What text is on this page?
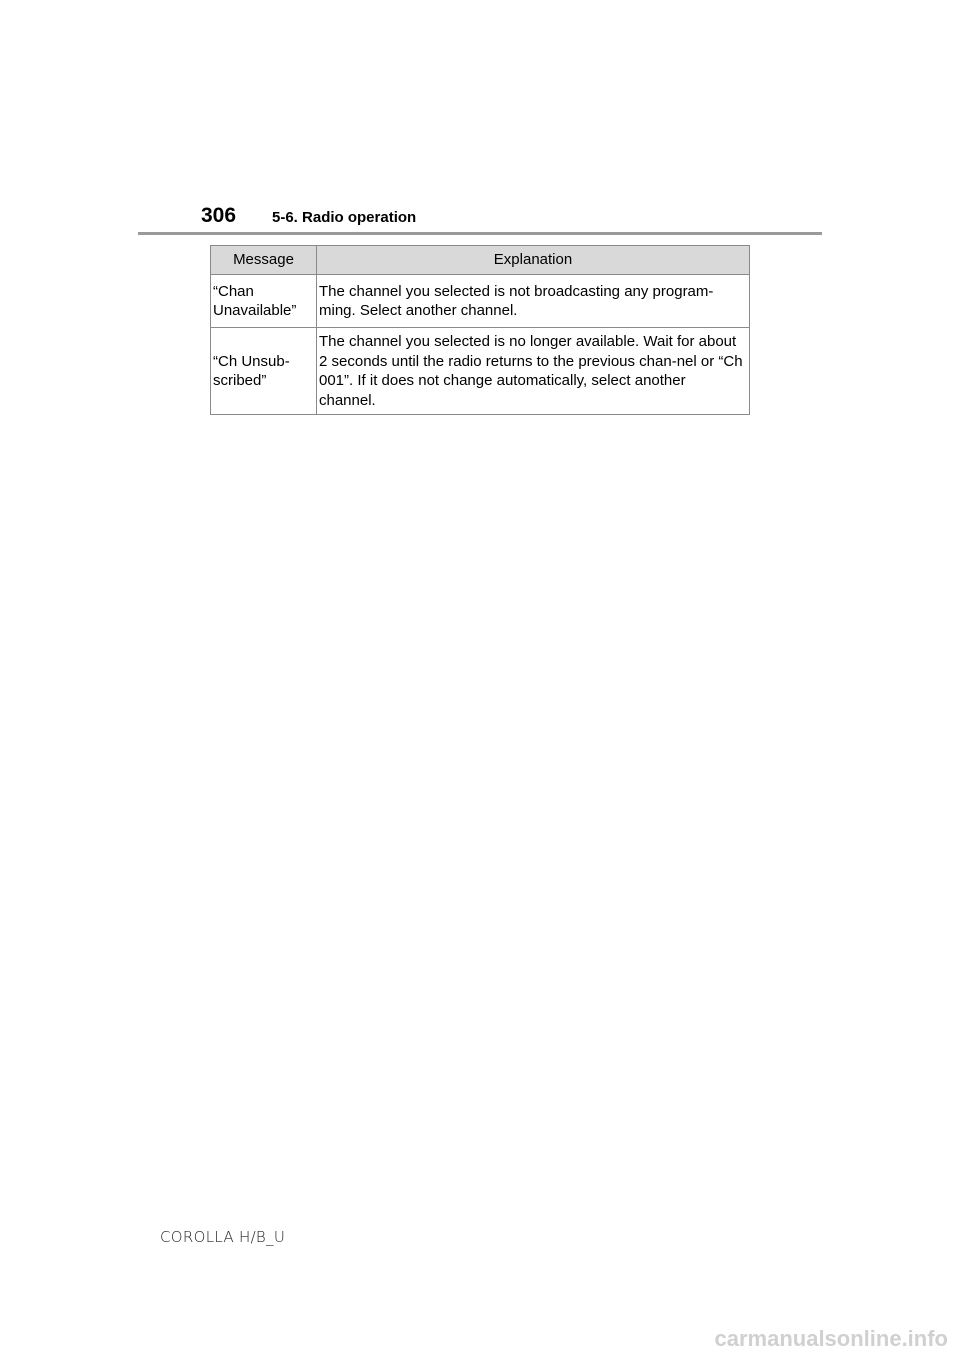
306 5-6. Radio operation
Message	Explanation
“Chan Unavailable”	The channel you selected is not broadcasting any program-ming. Select another channel.
“Ch Unsub-scribed”	The channel you selected is no longer available. Wait for about 2 seconds until the radio returns to the previous chan-nel or “Ch 001”. If it does not change automatically, select another channel.
COROLLA H/B_U
carmanualsonline.info
